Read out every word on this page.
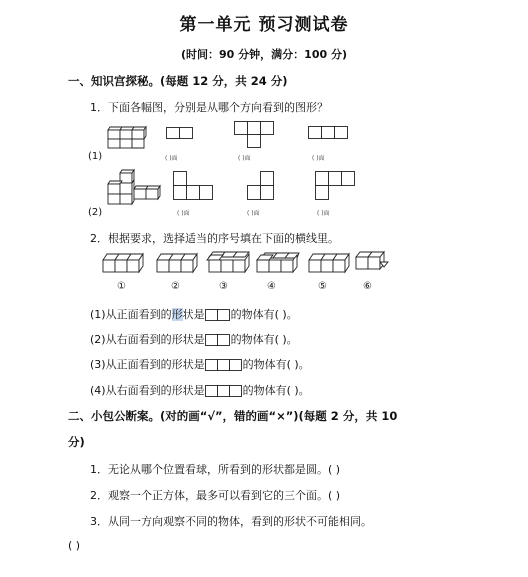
第一单元 预习测试卷
(时间：90 分钟，满分：100 分)
一、知识宫探秘。(每题 12 分，共 24 分)
1．下面各幅图，分别是从哪个方向看到的图形？
(1)	( )面	( )面	( )面
(2)	( )面	( )面	( )面
2．根据要求，选择适当的序号填在下面的横线里。
①	②	③	④	⑤	⑥
(1)从正面看到的形状是 的物体有( )。
(2)从右面看到的形状是 的物体有( )。
(3)从正面看到的形状是	的物体有( )。
(4)从右面看到的形状是	的物体有( )。
二、小包公断案。(对的画“√”，错的画“×”)(每题 2 分，共 10
分)
1．无论从哪个位置看球，所看到的形状都是圆。( )
2．观察一个正方体，最多可以看到它的三个面。( )
3．从同一方向观察不同的物体，看到的形状不可能相同。
( )
